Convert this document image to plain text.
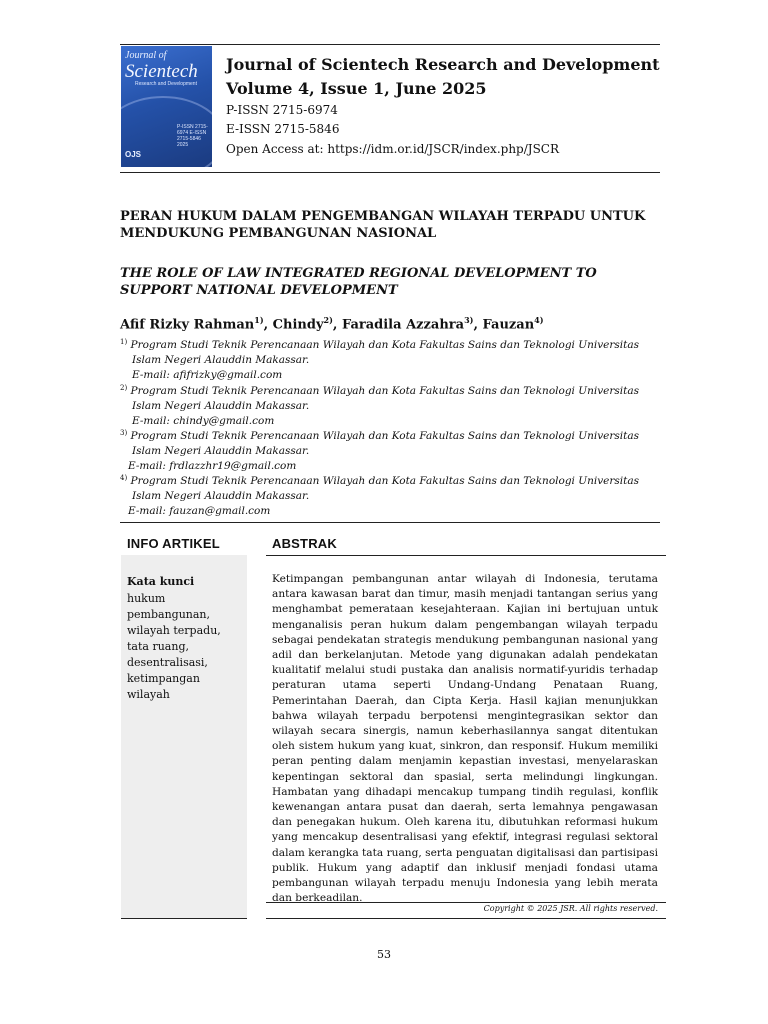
Journal of
Scientech
Research and Development
P-ISSN 2715-6974 E-ISSN 2715-5846 2025
OJS
Journal of Scientech Research and Development
Volume 4, Issue 1, June 2025
P-ISSN 2715-6974
E-ISSN 2715-5846
Open Access at: https://idm.or.id/JSCR/index.php/JSCR
PERAN HUKUM DALAM PENGEMBANGAN WILAYAH TERPADU UNTUK MENDUKUNG PEMBANGUNAN NASIONAL
THE ROLE OF LAW INTEGRATED REGIONAL DEVELOPMENT TO SUPPORT NATIONAL DEVELOPMENT
Afif Rizky Rahman$^{1)}$, Chindy$^{2)}$, Faradila Azzahra$^{3)}$, Fauzan$^{4)}$
$^{1)}$ Program Studi Teknik Perencanaan Wilayah dan Kota Fakultas Sains dan Teknologi Universitas
Islam Negeri Alauddin Makassar.
E-mail: afifrizky@gmail.com
$^{2)}$ Program Studi Teknik Perencanaan Wilayah dan Kota Fakultas Sains dan Teknologi Universitas
Islam Negeri Alauddin Makassar.
E-mail: chindy@gmail.com
$^{3)}$ Program Studi Teknik Perencanaan Wilayah dan Kota Fakultas Sains dan Teknologi Universitas
Islam Negeri Alauddin Makassar.
E-mail: frdlazzhr19@gmail.com
$^{4)}$ Program Studi Teknik Perencanaan Wilayah dan Kota Fakultas Sains dan Teknologi Universitas
Islam Negeri Alauddin Makassar.
E-mail: fauzan@gmail.com
INFO ARTIKEL
Kata kunci
hukum
pembangunan,
wilayah terpadu,
tata ruang,
desentralisasi,
ketimpangan
wilayah
ABSTRAK
Ketimpangan pembangunan antar wilayah di Indonesia, terutama antara kawasan barat dan timur, masih menjadi tantangan serius yang menghambat pemerataan kesejahteraan. Kajian ini bertujuan untuk menganalisis peran hukum dalam pengembangan wilayah terpadu sebagai pendekatan strategis mendukung pembangunan nasional yang adil dan berkelanjutan. Metode yang digunakan adalah pendekatan kualitatif melalui studi pustaka dan analisis normatif-yuridis terhadap peraturan utama seperti Undang-Undang Penataan Ruang, Pemerintahan Daerah, dan Cipta Kerja. Hasil kajian menunjukkan bahwa wilayah terpadu berpotensi mengintegrasikan sektor dan wilayah secara sinergis, namun keberhasilannya sangat ditentukan oleh sistem hukum yang kuat, sinkron, dan responsif. Hukum memiliki peran penting dalam menjamin kepastian investasi, menyelaraskan kepentingan sektoral dan spasial, serta melindungi lingkungan. Hambatan yang dihadapi mencakup tumpang tindih regulasi, konflik kewenangan antara pusat dan daerah, serta lemahnya pengawasan dan penegakan hukum. Oleh karena itu, dibutuhkan reformasi hukum yang mencakup desentralisasi yang efektif, integrasi regulasi sektoral dalam kerangka tata ruang, serta penguatan digitalisasi dan partisipasi publik. Hukum yang adaptif dan inklusif menjadi fondasi utama pembangunan wilayah terpadu menuju Indonesia yang lebih merata dan berkeadilan.
Copyright © 2025 JSR. All rights reserved.
53
